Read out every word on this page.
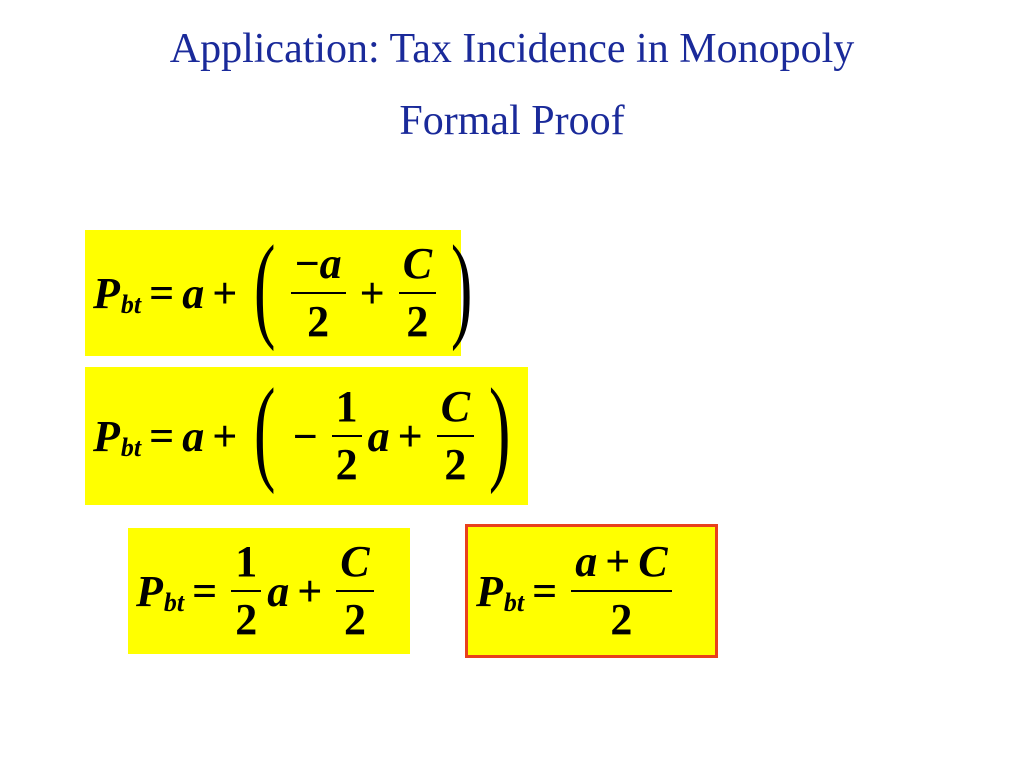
Application: Tax Incidence in Monopoly
Formal Proof
P bt = a + ( $\frac{-a}{2} + \frac{C}{2}$ )
P bt = a + ( − $\frac{1}{2}$ $a + \frac{C}{2}$ )
P bt = $\frac{1}{2}$ $a + \frac{C}{2}$ P bt = $\frac{a + C}{2}$
